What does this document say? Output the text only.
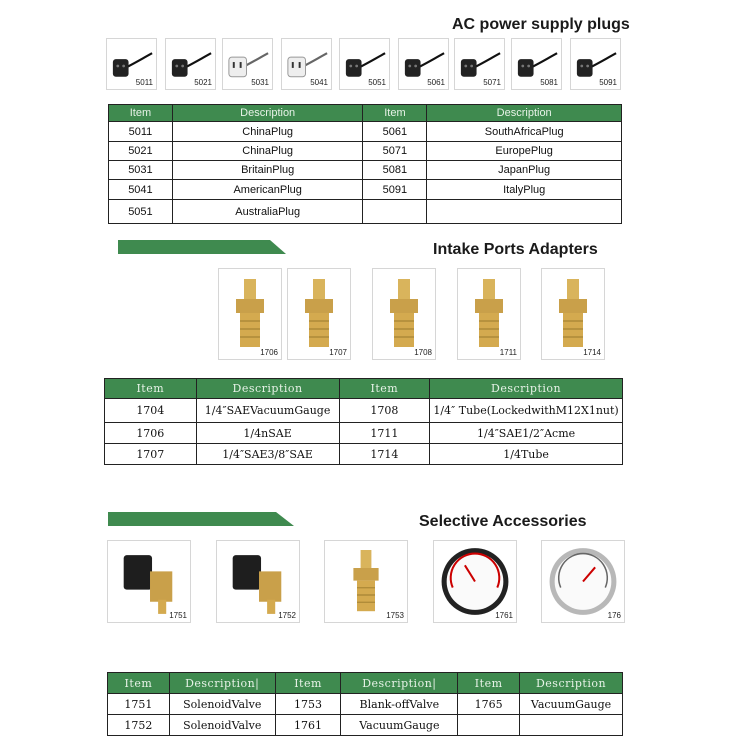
AC power supply plugs
5011	5021	5031	5041	5051	5061	5071	5081	5091
Item	Description	Item	Description
5011	ChinaPlug	5061	SouthAfricaPlug
5021	ChinaPlug	5071	EuropePlug
5031	BritainPlug	5081	JapanPlug
5041	AmericanPlug	5091	ItalyPlug
5051	AustraliaPlug		
Intake Ports Adapters
1706	1707	1708	1711	1714
Item	Description	Item	Description
1704	1/4″SAEVacuumGauge	1708	1/4″ Tube(LockedwithM12X1nut)
1706	1/4nSAE	1711	1/4″SAE1/2″Acme
1707	1/4″SAE3/8″SAE	1714	1/4Tube
Selective Accessories
1751	1752	1753	1761	176
Item	Description|	Item	Description|	Item	Description
1751	SolenoidValve	1753	Blank-offValve	1765	VacuumGauge
1752	SolenoidValve	1761	VacuumGauge		
